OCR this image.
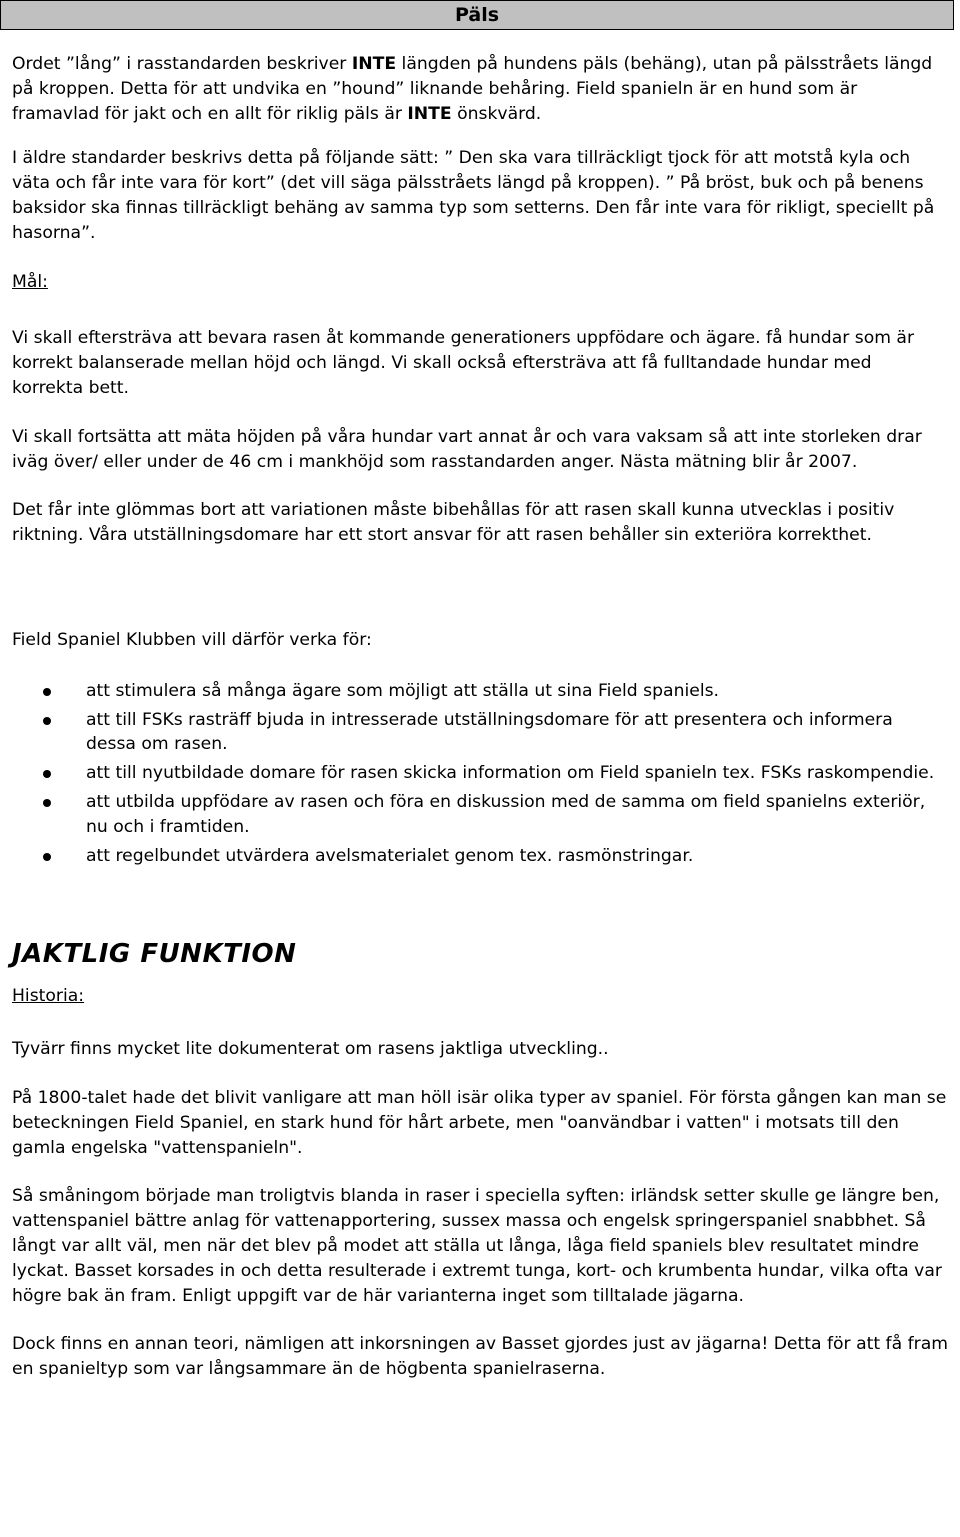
Päls

Ordet ”lång” i rasstandarden beskriver INTE längden på hundens päls (behäng), utan på pälsstråets längd på kroppen. Detta för att undvika en ”hound” liknande behåring. Field spanieln är en hund som är framavlad för jakt och en allt för riklig päls är INTE önskvärd.

I äldre standarder beskrivs detta på följande sätt: ” Den ska vara tillräckligt tjock för att motstå kyla och väta och får inte vara för kort” (det vill säga pälsstråets längd på kroppen). ” På bröst, buk och på benens baksidor ska finnas tillräckligt behäng av samma typ som setterns. Den får inte vara för rikligt, speciellt på hasorna”.

Mål:

Vi skall eftersträva att bevara rasen åt kommande generationers uppfödare och ägare. få hundar som är korrekt balanserade mellan höjd och längd. Vi skall också eftersträva att få fulltandade hundar med korrekta bett.

Vi skall fortsätta att mäta höjden på våra hundar vart annat år och vara vaksam så att inte storleken drar iväg över/ eller under de 46 cm i mankhöjd som rasstandarden anger. Nästa mätning blir år 2007.

Det får inte glömmas bort att variationen måste bibehållas för att rasen skall kunna utvecklas i positiv riktning. Våra utställningsdomare har ett stort ansvar för att rasen behåller sin exteriöra korrekthet.

Field Spaniel Klubben vill därför verka för:

att stimulera så många ägare som möjligt att ställa ut sina Field spaniels.
att till FSKs rasträff bjuda in intresserade utställningsdomare för att presentera och informera dessa om rasen.
att till nyutbildade domare för rasen skicka information om Field spanieln tex. FSKs raskompendie.
att utbilda uppfödare av rasen och föra en diskussion med de samma om field spanielns exteriör, nu och i framtiden.
att regelbundet utvärdera avelsmaterialet genom tex. rasmönstringar.

JAKTLIG FUNKTION

Historia:

Tyvärr finns mycket lite dokumenterat om rasens jaktliga utveckling..

På 1800-talet hade det blivit vanligare att man höll isär olika typer av spaniel. För första gången kan man se beteckningen Field Spaniel, en stark hund för hårt arbete, men "oanvändbar i vatten" i motsats till den gamla engelska "vattenspanieln".

Så småningom började man troligtvis blanda in raser i speciella syften: irländsk setter skulle ge längre ben, vattenspaniel bättre anlag för vattenapportering, sussex massa och engelsk springerspaniel snabbhet. Så långt var allt väl, men när det blev på modet att ställa ut långa, låga field spaniels blev resultatet mindre lyckat. Basset korsades in och detta resulterade i extremt tunga, kort- och krumbenta hundar, vilka ofta var högre bak än fram. Enligt uppgift var de här varianterna inget som tilltalade jägarna.

Dock finns en annan teori, nämligen att inkorsningen av Basset gjordes just av jägarna! Detta för att få fram en spanieltyp som var långsammare än de högbenta spanielraserna.
